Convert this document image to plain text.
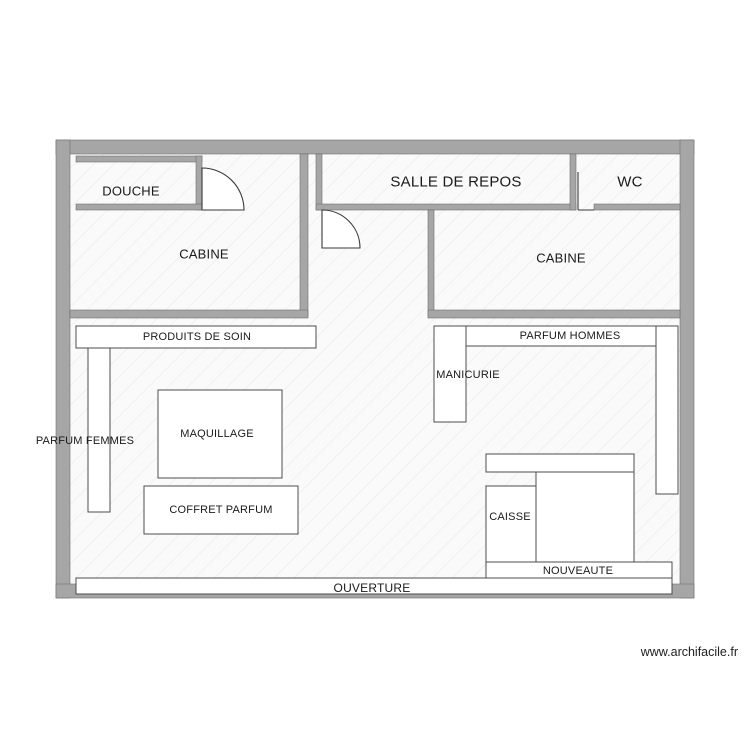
www.archifacile.fr
DOUCHE
CABINE
SALLE DE REPOS	WC
CABINE
PRODUITS DE SOIN	PARFUM HOMMES
MANICURIE
PARFUM FEMMES
MAQUILLAGE
COFFRET PARFUM
CAISSE
NOUVEAUTE
OUVERTURE
